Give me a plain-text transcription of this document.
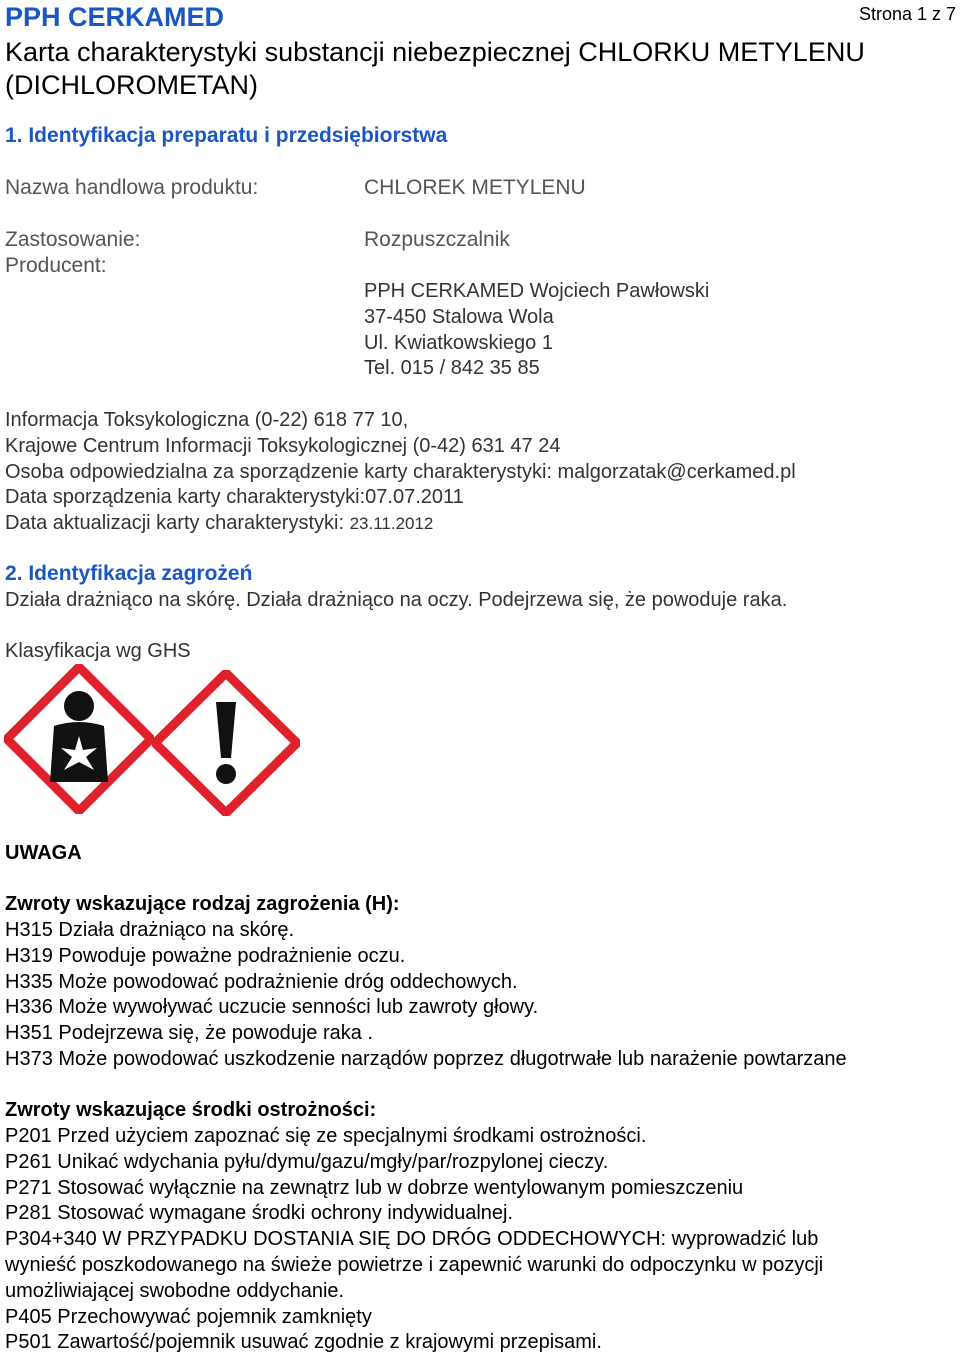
PPH CERKAMED	Strona 1 z 7
Karta charakterystyki substancji niebezpiecznej CHLORKU METYLENU
(DICHLOROMETAN)
1. Identyfikacja preparatu i przedsiębiorstwa
Nazwa handlowa produktu:	CHLOREK METYLENU
Zastosowanie:
Producent:
Rozpuszczalnik
PPH CERKAMED Wojciech Pawłowski
37-450 Stalowa Wola
Ul. Kwiatkowskiego 1
Tel. 015 / 842 35 85
Informacja Toksykologiczna (0-22) 618 77 10,
Krajowe Centrum Informacji Toksykologicznej (0-42) 631 47 24
Osoba odpowiedzialna za sporządzenie karty charakterystyki: malgorzatak@cerkamed.pl
Data sporządzenia karty charakterystyki:07.07.2011
Data aktualizacji karty charakterystyki: 23.11.2012
2. Identyfikacja zagrożeń
Działa drażniąco na skórę. Działa drażniąco na oczy. Podejrzewa się, że powoduje raka.
Klasyfikacja wg GHS
UWAGA
Zwroty wskazujące rodzaj zagrożenia (H):
H315 Działa drażniąco na skórę.
H319 Powoduje poważne podrażnienie oczu.
H335 Może powodować podrażnienie dróg oddechowych.
H336 Może wywoływać uczucie senności lub zawroty głowy.
H351 Podejrzewa się, że powoduje raka .
H373 Może powodować uszkodzenie narządów poprzez długotrwałe lub narażenie powtarzane
Zwroty wskazujące środki ostrożności:
P201 Przed użyciem zapoznać się ze specjalnymi środkami ostrożności.
P261 Unikać wdychania pyłu/dymu/gazu/mgły/par/rozpylonej cieczy.
P271 Stosować wyłącznie na zewnątrz lub w dobrze wentylowanym pomieszczeniu
P281 Stosować wymagane środki ochrony indywidualnej.
P304+340 W PRZYPADKU DOSTANIA SIĘ DO DRÓG ODDECHOWYCH: wyprowadzić lub
wynieść poszkodowanego na świeże powietrze i zapewnić warunki do odpoczynku w pozycji
umożliwiającej swobodne oddychanie.
P405 Przechowywać pojemnik zamknięty
P501 Zawartość/pojemnik usuwać zgodnie z krajowymi przepisami.
